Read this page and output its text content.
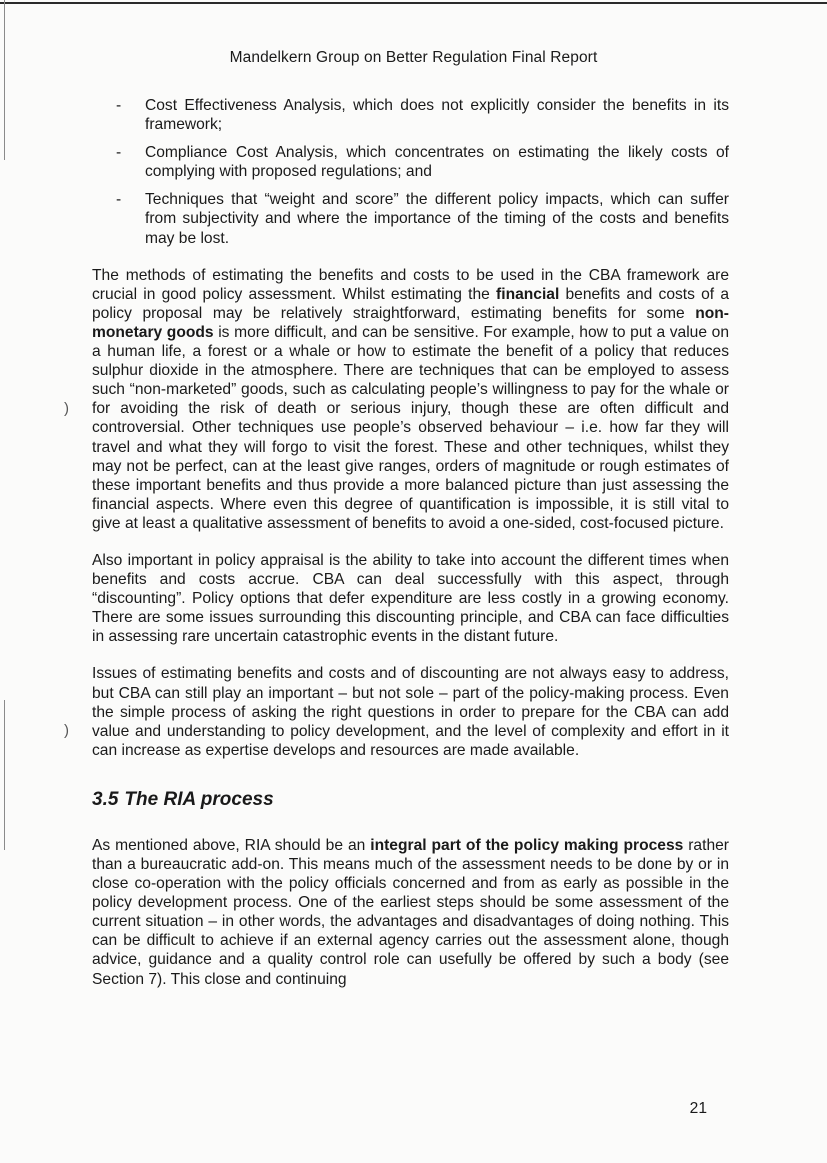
)
)
Mandelkern Group on Better Regulation Final Report
- Cost Effectiveness Analysis, which does not explicitly consider the benefits in its framework;
- Compliance Cost Analysis, which concentrates on estimating the likely costs of complying with proposed regulations; and
- Techniques that “weight and score” the different policy impacts, which can suffer from subjectivity and where the importance of the timing of the costs and benefits may be lost.

The methods of estimating the benefits and costs to be used in the CBA framework are crucial in good policy assessment. Whilst estimating the financial benefits and costs of a policy proposal may be relatively straightforward, estimating benefits for some non-monetary goods is more difficult, and can be sensitive. For example, how to put a value on a human life, a forest or a whale or how to estimate the benefit of a policy that reduces sulphur dioxide in the atmosphere. There are techniques that can be employed to assess such “non-marketed” goods, such as calculating people’s willingness to pay for the whale or for avoiding the risk of death or serious injury, though these are often difficult and controversial. Other techniques use people’s observed behaviour – i.e. how far they will travel and what they will forgo to visit the forest. These and other techniques, whilst they may not be perfect, can at the least give ranges, orders of magnitude or rough estimates of these important benefits and thus provide a more balanced picture than just assessing the financial aspects. Where even this degree of quantification is impossible, it is still vital to give at least a qualitative assessment of benefits to avoid a one-sided, cost-focused picture.

Also important in policy appraisal is the ability to take into account the different times when benefits and costs accrue. CBA can deal successfully with this aspect, through “discounting”. Policy options that defer expenditure are less costly in a growing economy. There are some issues surrounding this discounting principle, and CBA can face difficulties in assessing rare uncertain catastrophic events in the distant future.

Issues of estimating benefits and costs and of discounting are not always easy to address, but CBA can still play an important – but not sole – part of the policy-making process. Even the simple process of asking the right questions in order to prepare for the CBA can add value and understanding to policy development, and the level of complexity and effort in it can increase as expertise develops and resources are made available.

3.5 The RIA process

As mentioned above, RIA should be an integral part of the policy making process rather than a bureaucratic add-on. This means much of the assessment needs to be done by or in close co-operation with the policy officials concerned and from as early as possible in the policy development process. One of the earliest steps should be some assessment of the current situation – in other words, the advantages and disadvantages of doing nothing. This can be difficult to achieve if an external agency carries out the assessment alone, though advice, guidance and a quality control role can usefully be offered by such a body (see Section 7). This close and continuing

21
